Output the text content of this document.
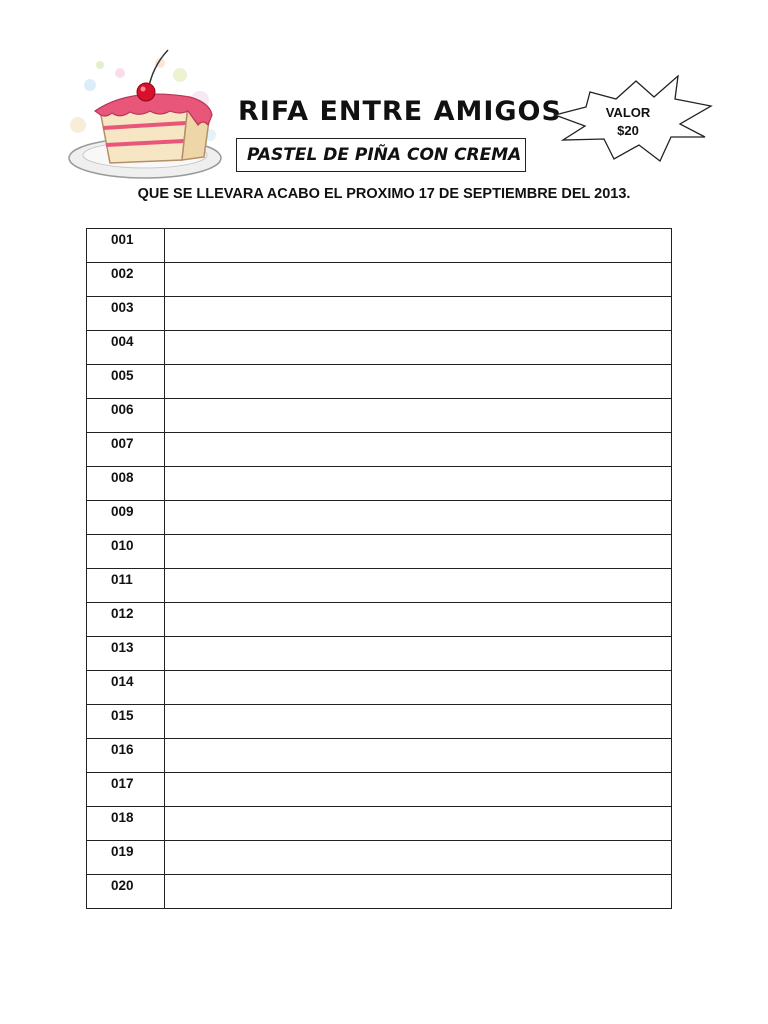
RIFA ENTRE AMIGOS
PASTEL DE PIÑA CON CREMA
VALOR
$20
QUE SE LLEVARA ACABO EL PROXIMO 17 DE SEPTIEMBRE DEL 2013.
001	
002	
003	
004	
005	
006	
007	
008	
009	
010	
011	
012	
013	
014	
015	
016	
017	
018	
019	
020	
